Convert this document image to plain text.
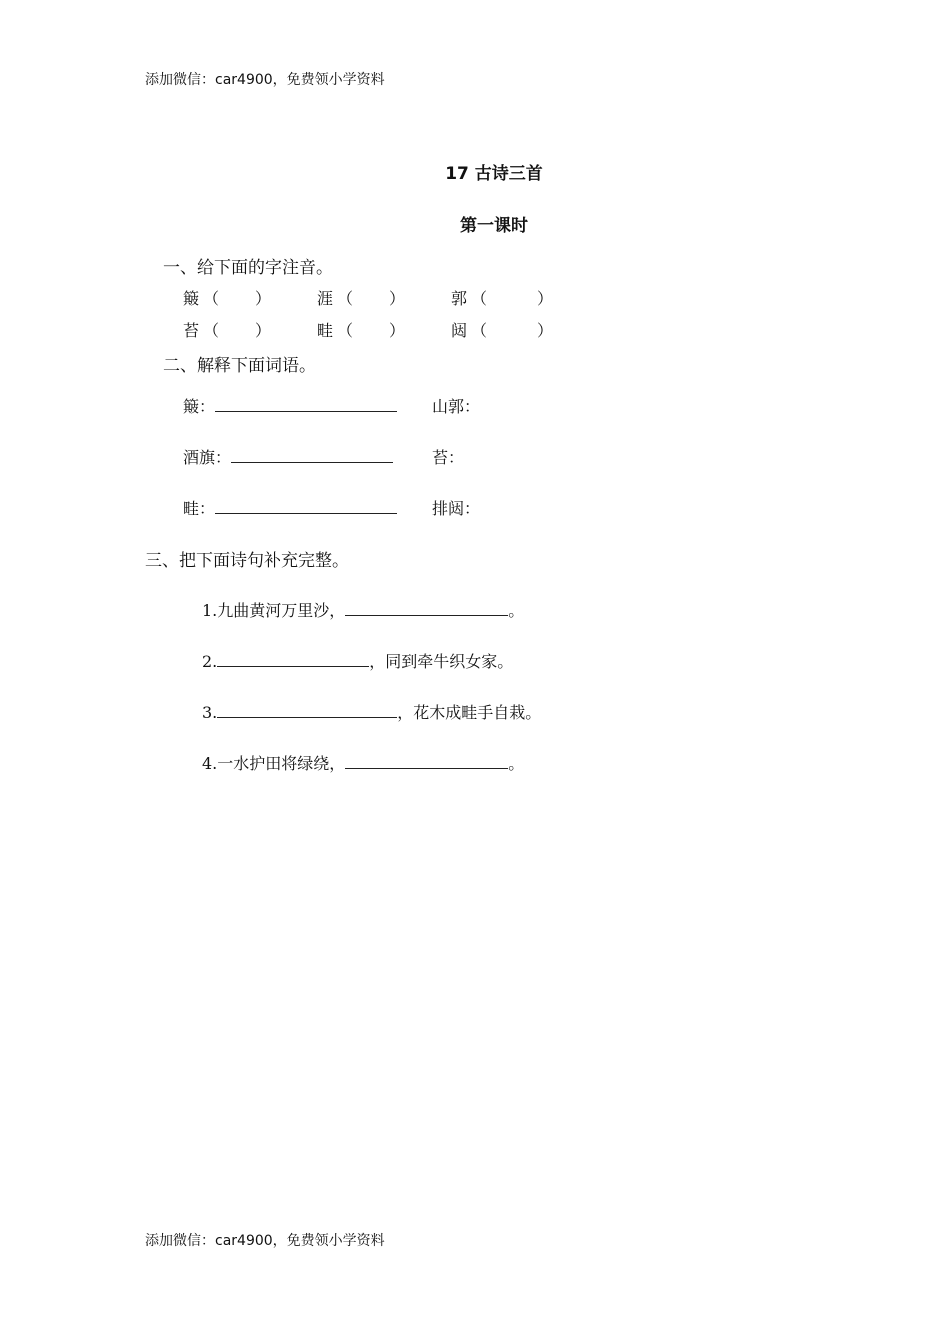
添加微信：car4900，免费领小学资料
添加微信：car4900，免费领小学资料
17 古诗三首
第一课时
一、给下面的字注音。
簸 （ ）	涯 （ ）	郭 （	）
苔 （ ）	畦 （ ）	闼 （	）
二、解释下面词语。
簸：	山郭：
酒旗：	苔：
畦：	排闼：
三、把下面诗句补充完整。
1.九曲黄河万里沙，	。
2.	，同到牵牛织女家。
3.	，花木成畦手自栽。
4.一水护田将绿绕，	。
